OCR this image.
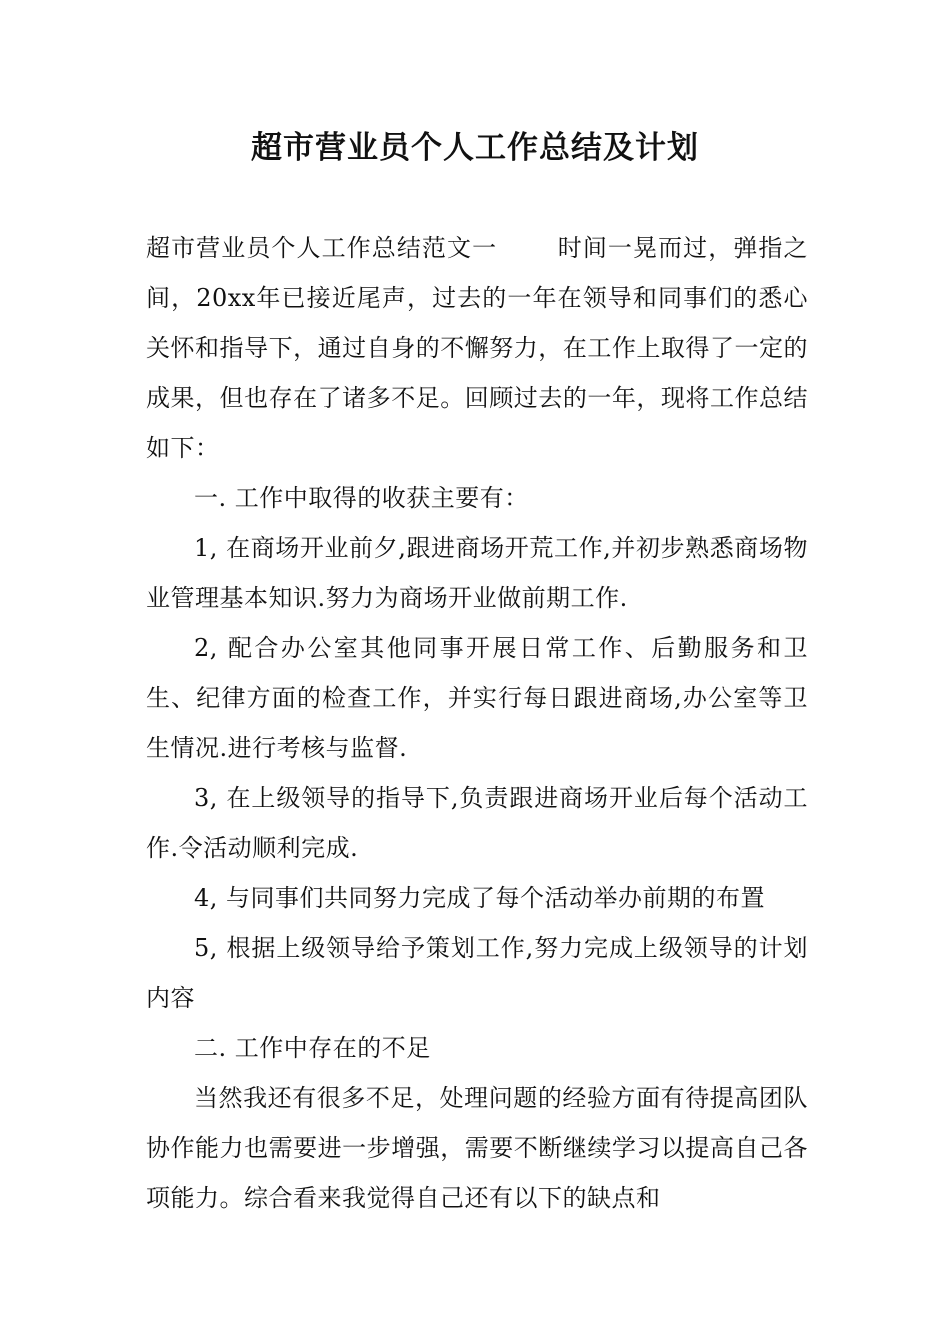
超市营业员个人工作总结及计划

超市营业员个人工作总结范文一	时间一晃而过，弹指之间，20xx年已接近尾声，过去的一年在领导和同事们的悉心关怀和指导下，通过自身的不懈努力，在工作上取得了一定的成果，但也存在了诸多不足。回顾过去的一年，现将工作总结如下：

一. 工作中取得的收获主要有：

1, 在商场开业前夕,跟进商场开荒工作,并初步熟悉商场物业管理基本知识.努力为商场开业做前期工作.

2, 配合办公室其他同事开展日常工作、后勤服务和卫生、纪律方面的检查工作，并实行每日跟进商场,办公室等卫生情况.进行考核与监督.

3, 在上级领导的指导下,负责跟进商场开业后每个活动工作.令活动顺利完成.

4, 与同事们共同努力完成了每个活动举办前期的布置

5, 根据上级领导给予策划工作,努力完成上级领导的计划内容

二. 工作中存在的不足

当然我还有很多不足，处理问题的经验方面有待提高团队协作能力也需要进一步增强，需要不断继续学习以提高自己各项能力。综合看来我觉得自己还有以下的缺点和
